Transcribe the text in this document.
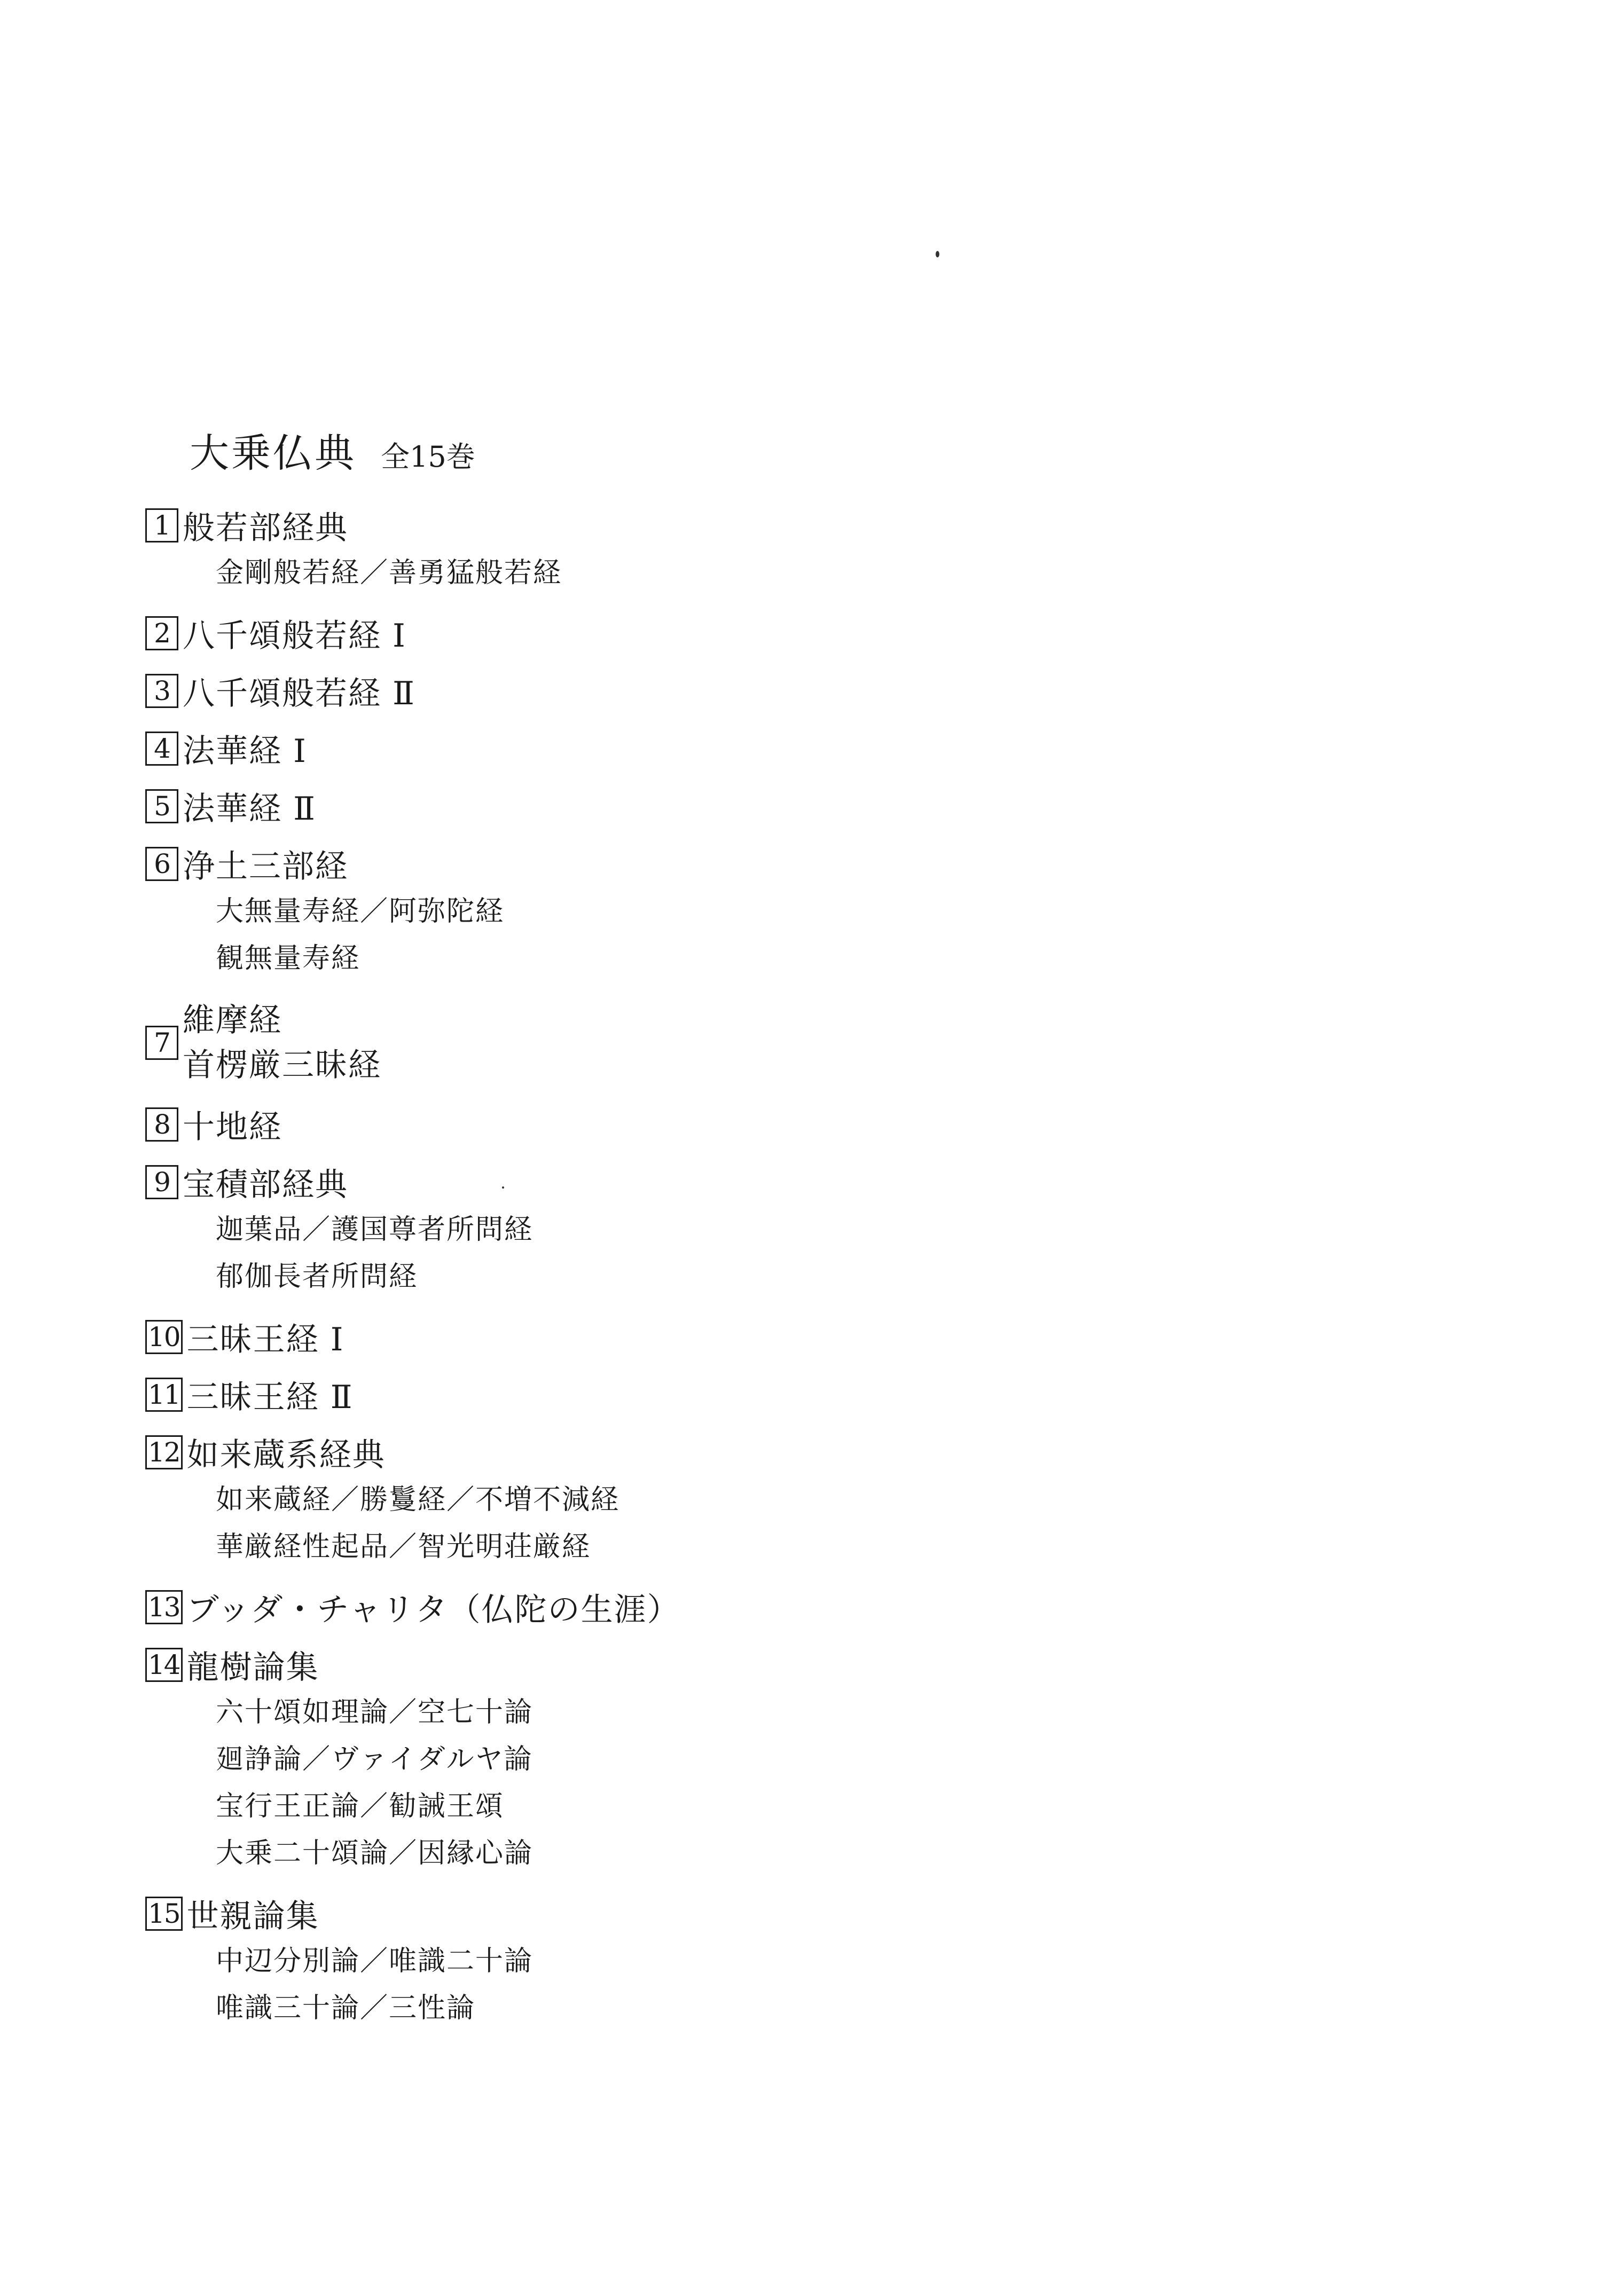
大乗仏典 全15巻
1 般若部経典
金剛般若経／善勇猛般若経
2 八千頌般若経 Ⅰ
3 八千頌般若経 Ⅱ
4 法華経 Ⅰ
5 法華経 Ⅱ
6 浄土三部経
大無量寿経／阿弥陀経
観無量寿経
7
維摩経
首楞厳三昧経
8 十地経
9 宝積部経典
迦葉品／護国尊者所問経
郁伽長者所問経
10 三昧王経 Ⅰ
11 三昧王経 Ⅱ
12 如来蔵系経典
如来蔵経／勝鬘経／不増不減経
華厳経性起品／智光明荘厳経
13 ブッダ・チャリタ（仏陀の生涯）
14 龍樹論集
六十頌如理論／空七十論
廻諍論／ヴァイダルヤ論
宝行王正論／勧誡王頌
大乗二十頌論／因縁心論
15 世親論集
中辺分別論／唯識二十論
唯識三十論／三性論
